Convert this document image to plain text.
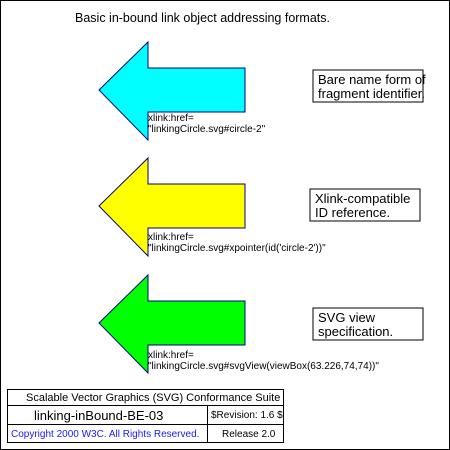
Basic in-bound link object addressing formats.
xlink:href=
"linkingCircle.svg#circle-2"
Bare name form of
fragment identifier.
xlink:href=
"linkingCircle.svg#xpointer(id('circle-2'))"
Xlink-compatible
ID reference.
xlink:href=
"linkingCircle.svg#svgView(viewBox(63.226,74,74))"
SVG view
specification.
Scalable Vector Graphics (SVG) Conformance Suite
linking-inBound-BE-03	$Revision: 1.6 $
Copyright 2000 W3C. All Rights Reserved. Release 2.0
